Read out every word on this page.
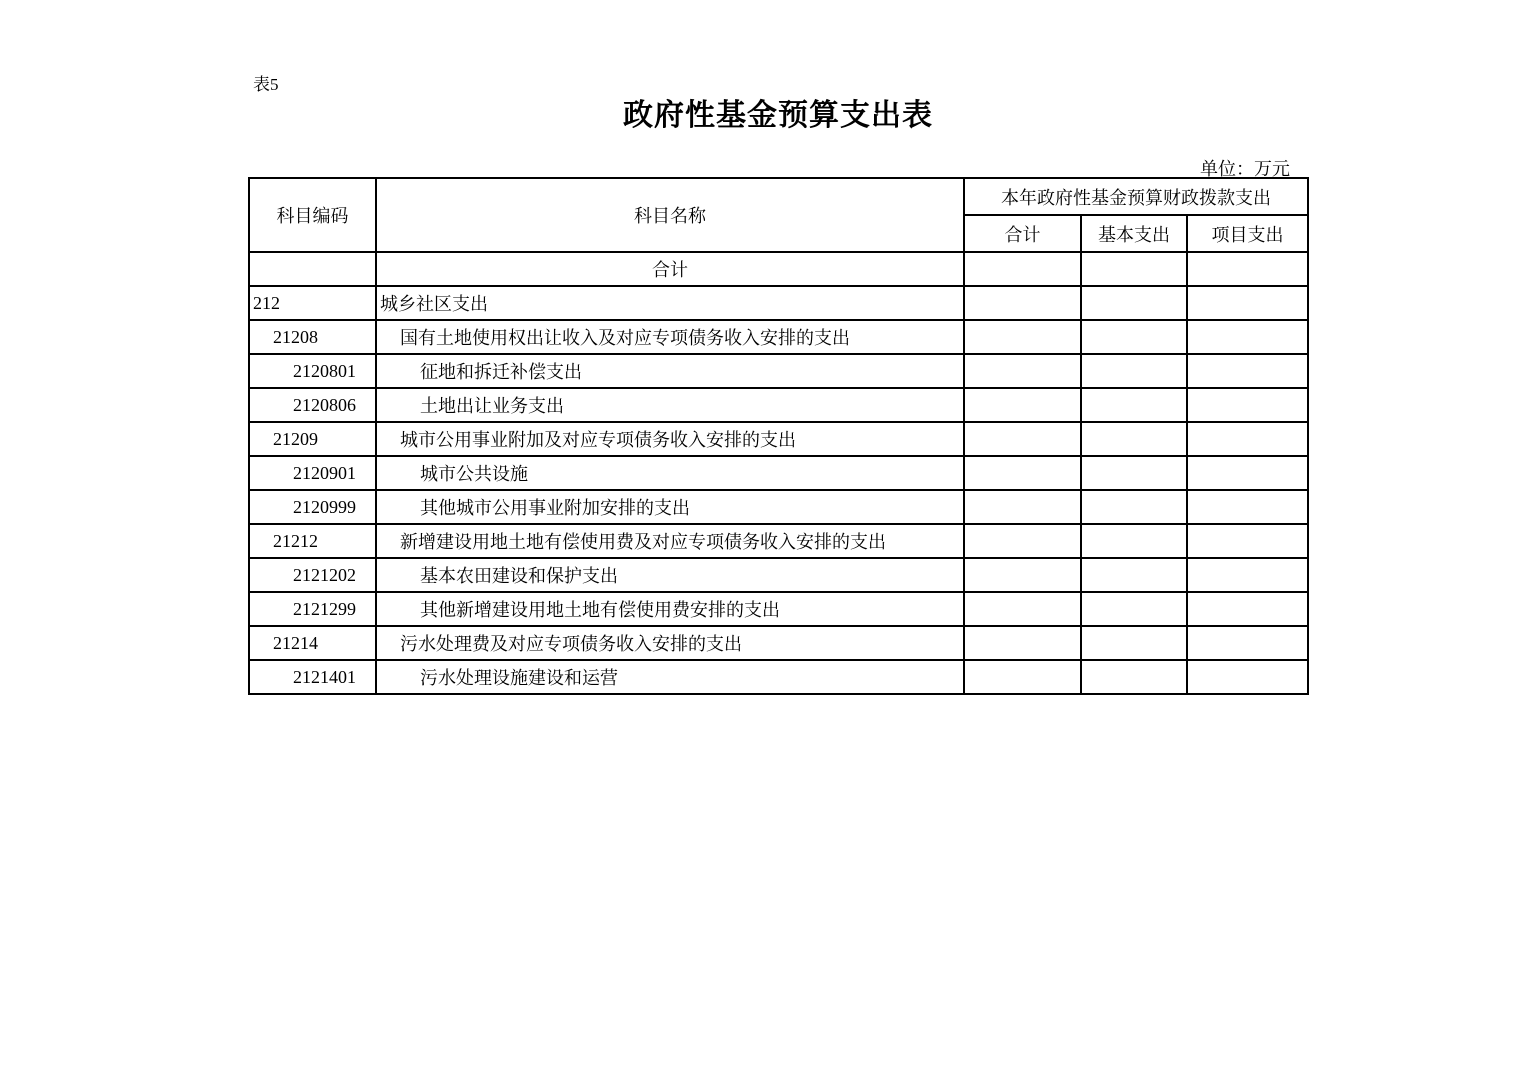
表5
政府性基金预算支出表
单位：万元
科目编码	科目名称	本年政府性基金预算财政拨款支出		
		合计	基本支出	项目支出
	合计			
212	城乡社区支出			
21208	国有土地使用权出让收入及对应专项债务收入安排的支出			
2120801	征地和拆迁补偿支出			
2120806	土地出让业务支出			
21209	城市公用事业附加及对应专项债务收入安排的支出			
2120901	城市公共设施			
2120999	其他城市公用事业附加安排的支出			
21212	新增建设用地土地有偿使用费及对应专项债务收入安排的支出			
2121202	基本农田建设和保护支出			
2121299	其他新增建设用地土地有偿使用费安排的支出			
21214	污水处理费及对应专项债务收入安排的支出			
2121401	污水处理设施建设和运营			
